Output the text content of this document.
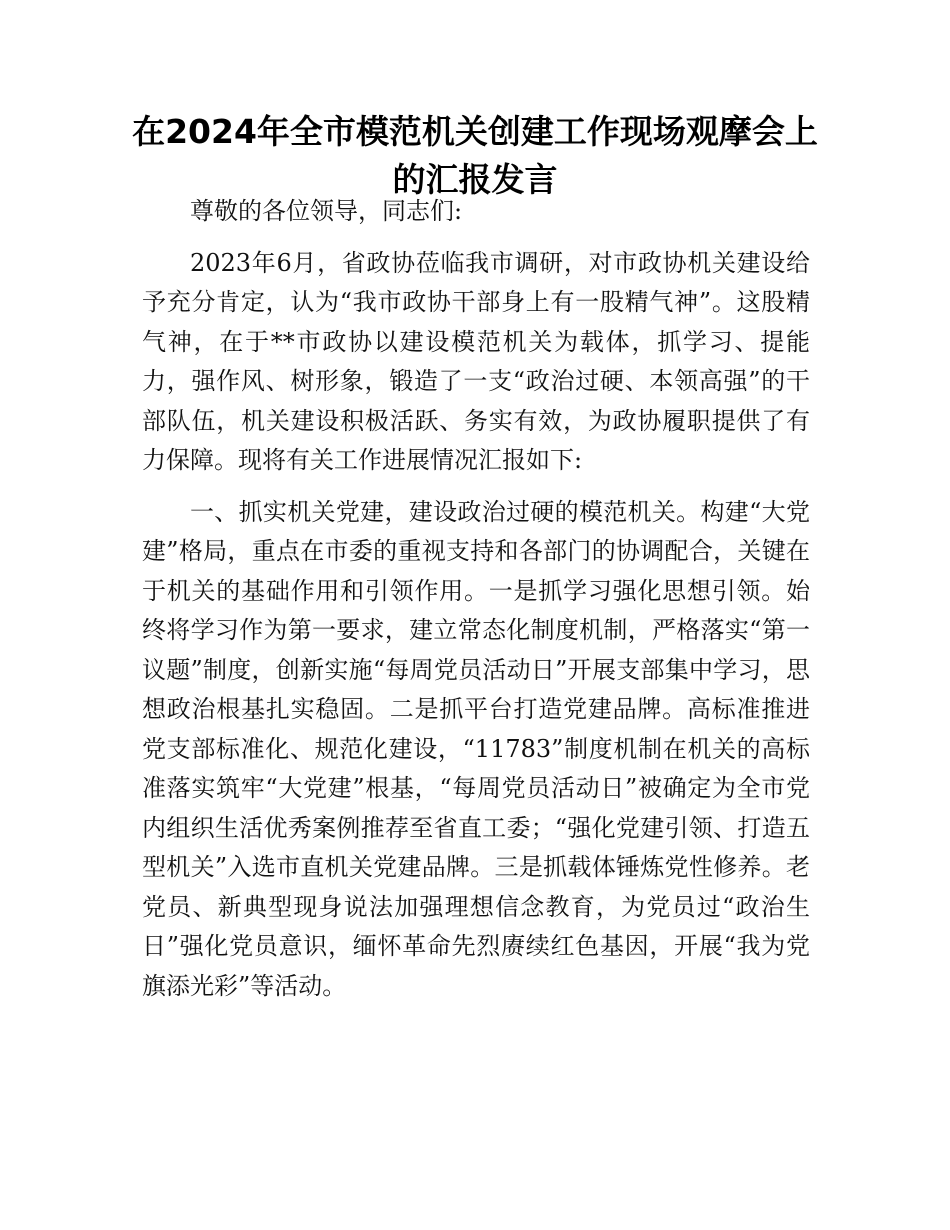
在2024年全市模范机关创建工作现场观摩会上的汇报发言

尊敬的各位领导，同志们:

2023年6月，省政协莅临我市调研，对市政协机关建设给予充分肯定，认为“我市政协干部身上有一股精气神”。这股精气神，在于**市政协以建设模范机关为载体，抓学习、提能力，强作风、树形象，锻造了一支“政治过硬、本领高强”的干部队伍，机关建设积极活跃、务实有效，为政协履职提供了有力保障。现将有关工作进展情况汇报如下:

一、抓实机关党建，建设政治过硬的模范机关。构建“大党建”格局，重点在市委的重视支持和各部门的协调配合，关键在于机关的基础作用和引领作用。一是抓学习强化思想引领。始终将学习作为第一要求，建立常态化制度机制，严格落实“第一议题”制度，创新实施“每周党员活动日”开展支部集中学习，思想政治根基扎实稳固。二是抓平台打造党建品牌。高标准推进党支部标准化、规范化建设，“11783”制度机制在机关的高标准落实筑牢“大党建”根基，“每周党员活动日”被确定为全市党内组织生活优秀案例推荐至省直工委；“强化党建引领、打造五型机关”入选市直机关党建品牌。三是抓载体锤炼党性修养。老党员、新典型现身说法加强理想信念教育，为党员过“政治生日”强化党员意识，缅怀革命先烈赓续红色基因，开展“我为党旗添光彩”等活动。
